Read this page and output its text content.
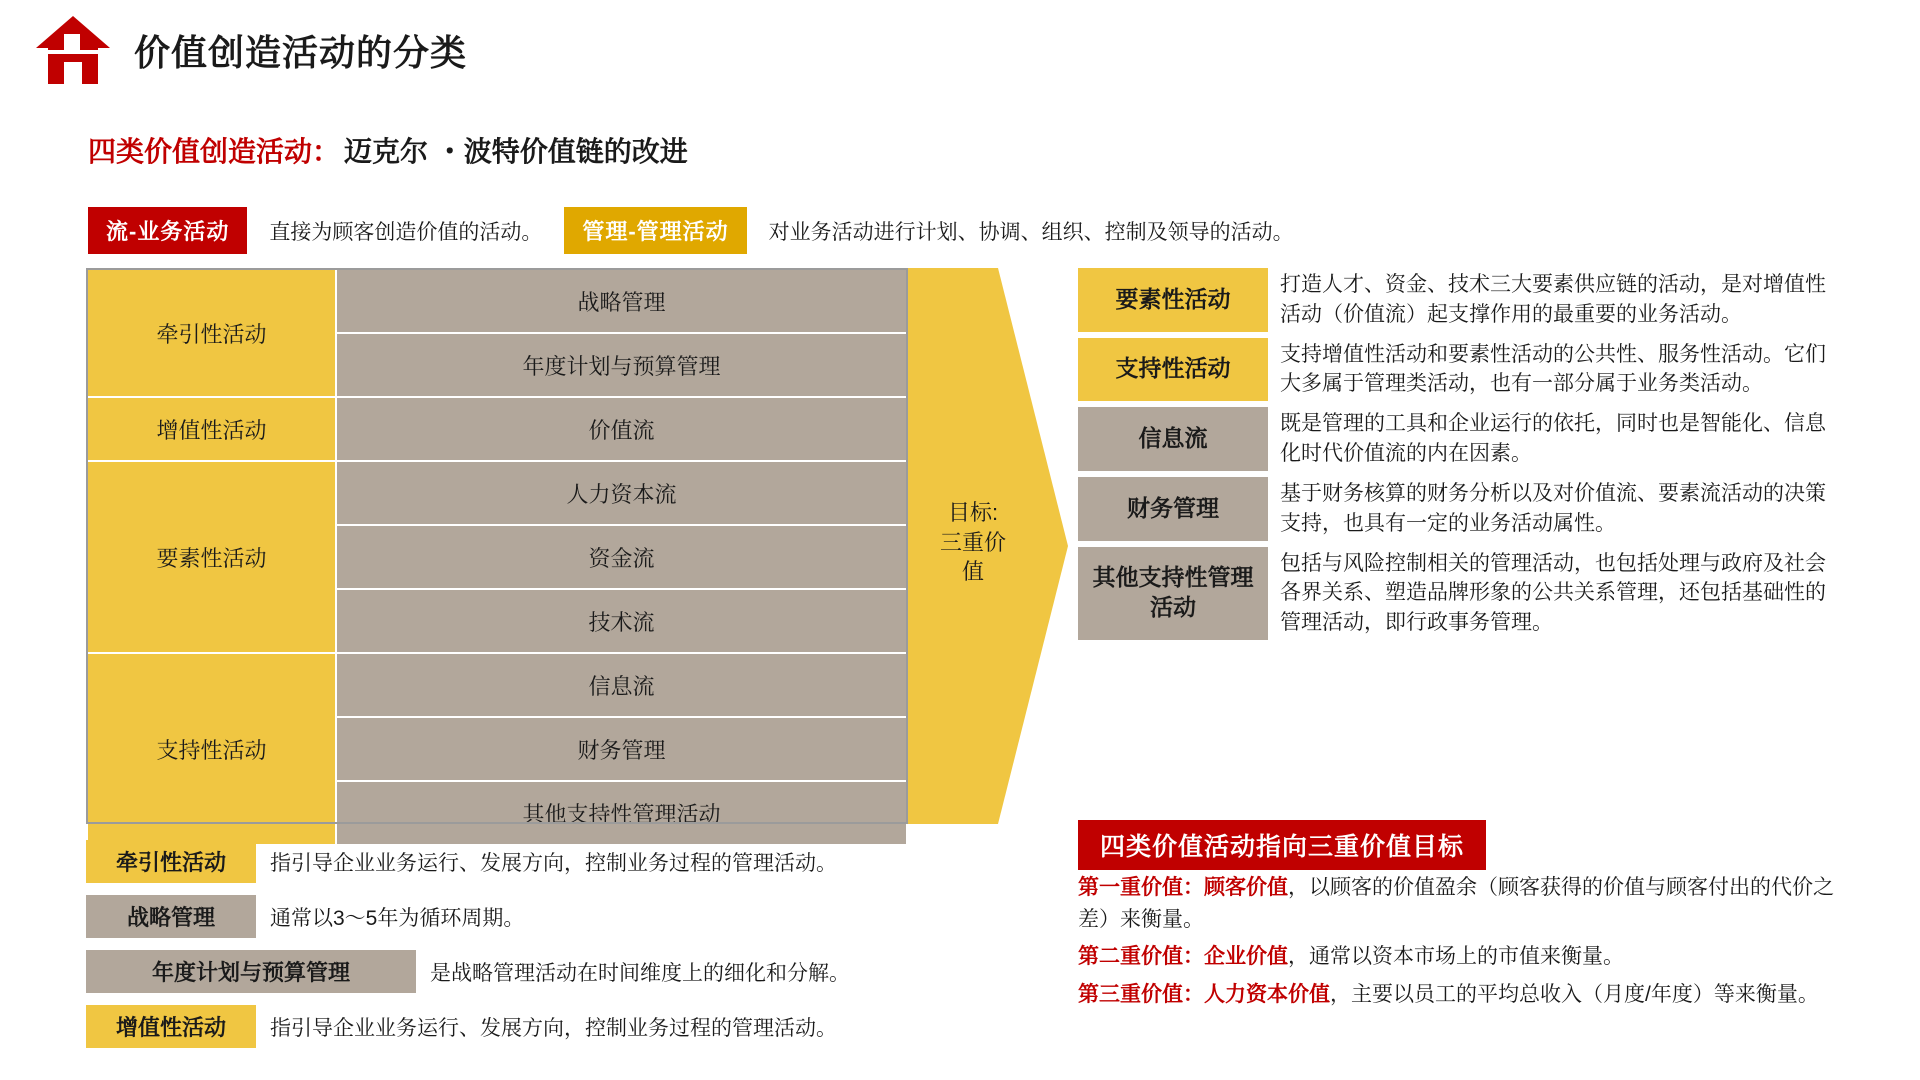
价值创造活动的分类
四类价值创造活动： 迈克尔 ・波特价值链的改进
流-业务活动	直接为顾客创造价值的活动。	管理-管理活动	对业务活动进行计划、协调、组织、控制及领导的活动。
牵引性活动	战略管理
	年度计划与预算管理
增值性活动	价值流
要素性活动	人力资本流
	资金流
	技术流
支持性活动	信息流
	财务管理
	其他支持性管理活动
目标:
三重价
值
要素性活动
打造人才、资金、技术三大要素供应链的活动，是对增值性活动（价值流）起支撑作用的最重要的业务活动。
支持性活动
支持增值性活动和要素性活动的公共性、服务性活动。它们大多属于管理类活动，也有一部分属于业务类活动。
信息流
既是管理的工具和企业运行的依托，同时也是智能化、信息化时代价值流的内在因素。
财务管理
基于财务核算的财务分析以及对价值流、要素流活动的决策支持，也具有一定的业务活动属性。
其他支持性管理活动
包括与风险控制相关的管理活动，也包括处理与政府及社会各界关系、塑造品牌形象的公共关系管理，还包括基础性的管理活动，即行政事务管理。
四类价值活动指向三重价值目标

第一重价值：顾客价值，以顾客的价值盈余（顾客获得的价值与顾客付出的代价之差）来衡量。

第二重价值：企业价值，通常以资本市场上的市值来衡量。

第三重价值：人力资本价值，主要以员工的平均总收入（月度/年度）等来衡量。

牵引性活动	指引导企业业务运行、发展方向，控制业务过程的管理活动。
战略管理	通常以3～5年为循环周期。
年度计划与预算管理	是战略管理活动在时间维度上的细化和分解。
增值性活动	指引导企业业务运行、发展方向，控制业务过程的管理活动。
